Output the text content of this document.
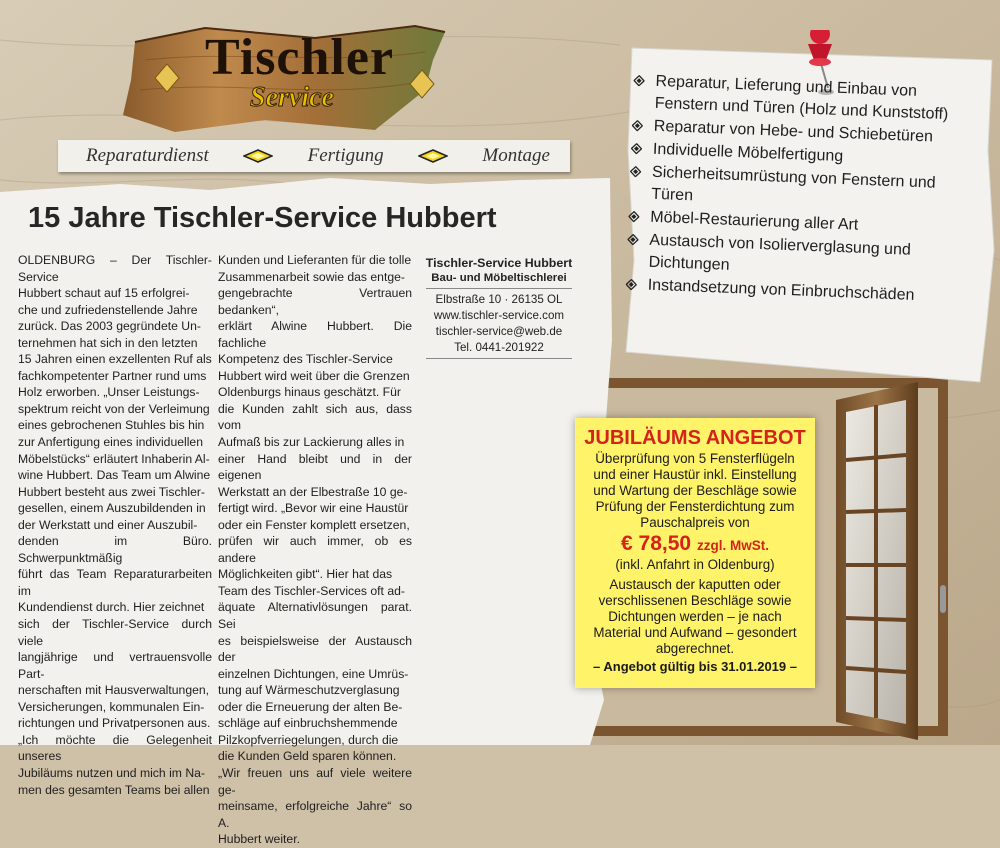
Tischler
Service
Reparaturdienst	Fertigung	Montage
15 Jahre Tischler-Service Hubbert
OLDENBURG – Der Tischler-Service
Hubbert schaut auf 15 erfolgrei-
che und zufriedenstellende Jahre
zurück. Das 2003 gegründete Un-
ternehmen hat sich in den letzten
15 Jahren einen exzellenten Ruf als
fachkompetenter Partner rund ums
Holz erworben. „Unser Leistungs-
spektrum reicht von der Verleimung
eines gebrochenen Stuhles bis hin
zur Anfertigung eines individuellen
Möbelstücks“ erläutert Inhaberin Al-
wine Hubbert. Das Team um Alwine
Hubbert besteht aus zwei Tischler-
gesellen, einem Auszubildenden in
der Werkstatt und einer Auszubil-
denden im Büro. Schwerpunktmäßig
führt das Team Reparaturarbeiten im
Kundendienst durch. Hier zeichnet
sich der Tischler-Service durch viele
langjährige und vertrauensvolle Part-
nerschaften mit Hausverwaltungen,
Versicherungen, kommunalen Ein-
richtungen und Privatpersonen aus.
„Ich möchte die Gelegenheit unseres
Jubiläums nutzen und mich im Na-
men des gesamten Teams bei allen
Kunden und Lieferanten für die tolle
Zusammenarbeit sowie das entge-
gengebrachte Vertrauen bedanken“,
erklärt Alwine Hubbert. Die fachliche
Kompetenz des Tischler-Service
Hubbert wird weit über die Grenzen
Oldenburgs hinaus geschätzt. Für
die Kunden zahlt sich aus, dass vom
Aufmaß bis zur Lackierung alles in
einer Hand bleibt und in der eigenen
Werkstatt an der Elbestraße 10 ge-
fertigt wird. „Bevor wir eine Haustür
oder ein Fenster komplett ersetzen,
prüfen wir auch immer, ob es andere
Möglichkeiten gibt“. Hier hat das
Team des Tischler-Services oft ad-
äquate Alternativlösungen parat. Sei
es beispielsweise der Austausch der
einzelnen Dichtungen, eine Umrüs-
tung auf Wärmeschutzverglasung
oder die Erneuerung der alten Be-
schläge auf einbruchshemmende
Pilzkopfverriegelungen, durch die
die Kunden Geld sparen können.
„Wir freuen uns auf viele weitere ge-
meinsame, erfolgreiche Jahre“ so A.
Hubbert weiter.
Tischler-Service Hubbert
Bau- und Möbeltischlerei
Elbstraße 10 · 26135 OL
www.tischler-service.com
tischler-service@web.de
Tel. 0441-201922
Reparatur, Lieferung und Einbau von Fenstern und Türen (Holz und Kunststoff)
Reparatur von Hebe- und Schiebetüren
Individuelle Möbelfertigung
Sicherheitsumrüstung von Fenstern und Türen
Möbel-Restaurierung aller Art
Austausch von Isolierverglasung und Dichtungen
Instandsetzung von Einbruchschäden
JUBILÄUMS ANGEBOT

Überprüfung von 5 Fensterflügeln und einer Haustür inkl. Einstellung und Wartung der Beschläge sowie Prüfung der Fensterdichtung zum Pauschalpreis von

€ 78,50 zzgl. MwSt.

(inkl. Anfahrt in Oldenburg)

Austausch der kaputten oder verschlissenen Beschläge sowie Dichtungen werden – je nach Material und Aufwand – gesondert abgerechnet.

– Angebot gültig bis 31.01.2019 –
